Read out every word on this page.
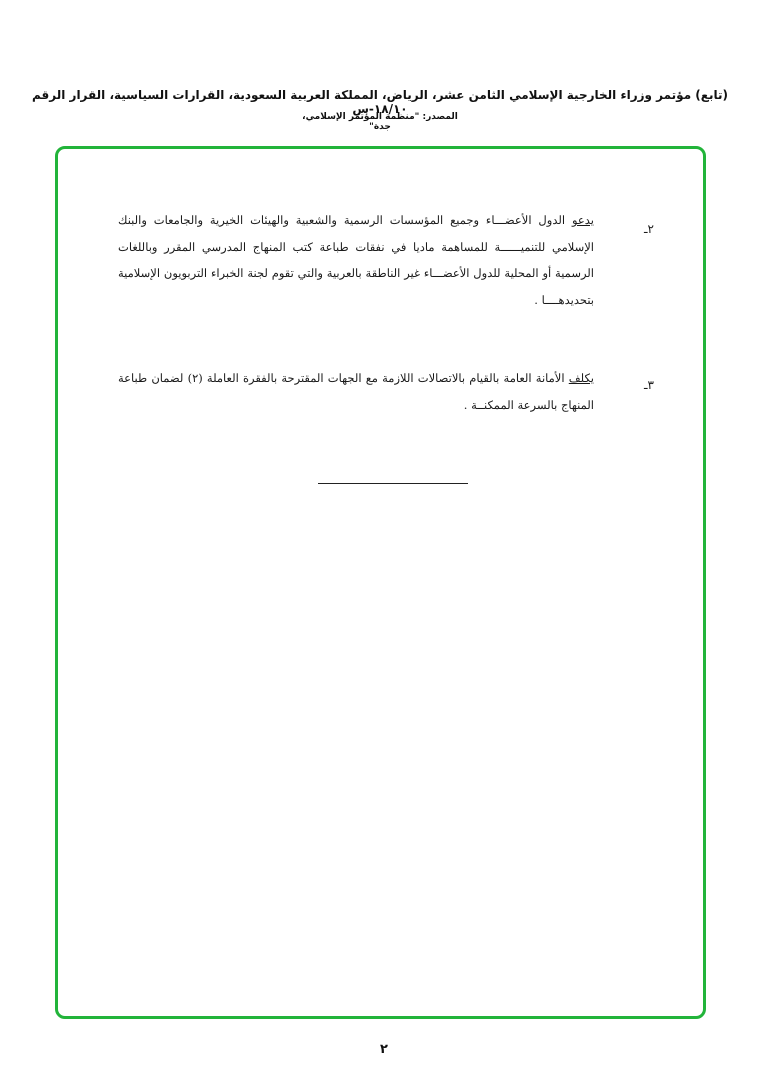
(تابع) مؤتمر وزراء الخارجية الإسلامي الثامن عشر، الرياض، المملكة العربية السعودية، القرارات السياسية، القرار الرقم ١٨/١٠-س
المصدر: "منظمة المؤتمر الإسلامي، جدة"
٢ـ
يدعو الدول الأعضـــاء وجميع المؤسسات الرسمية والشعبية والهيئات الخيرية والجامعات والبنك الإسلامي للتنميــــــة للمساهمة ماديا في نفقات طباعة كتب المنهاج المدرسي المقرر وباللغات الرسمية أو المحلية للدول الأعضـــاء غير الناطقة بالعربية والتي تقوم لجنة الخبراء التربويون الإسلامية بتحديدهــــا .
٣ـ
يكلف الأمانة العامة بالقيام بالاتصالات اللازمة مع الجهات المقترحة بالفقرة العاملة (٢) لضمان طباعة المنهاج بالسرعة الممكنــة .
٢
